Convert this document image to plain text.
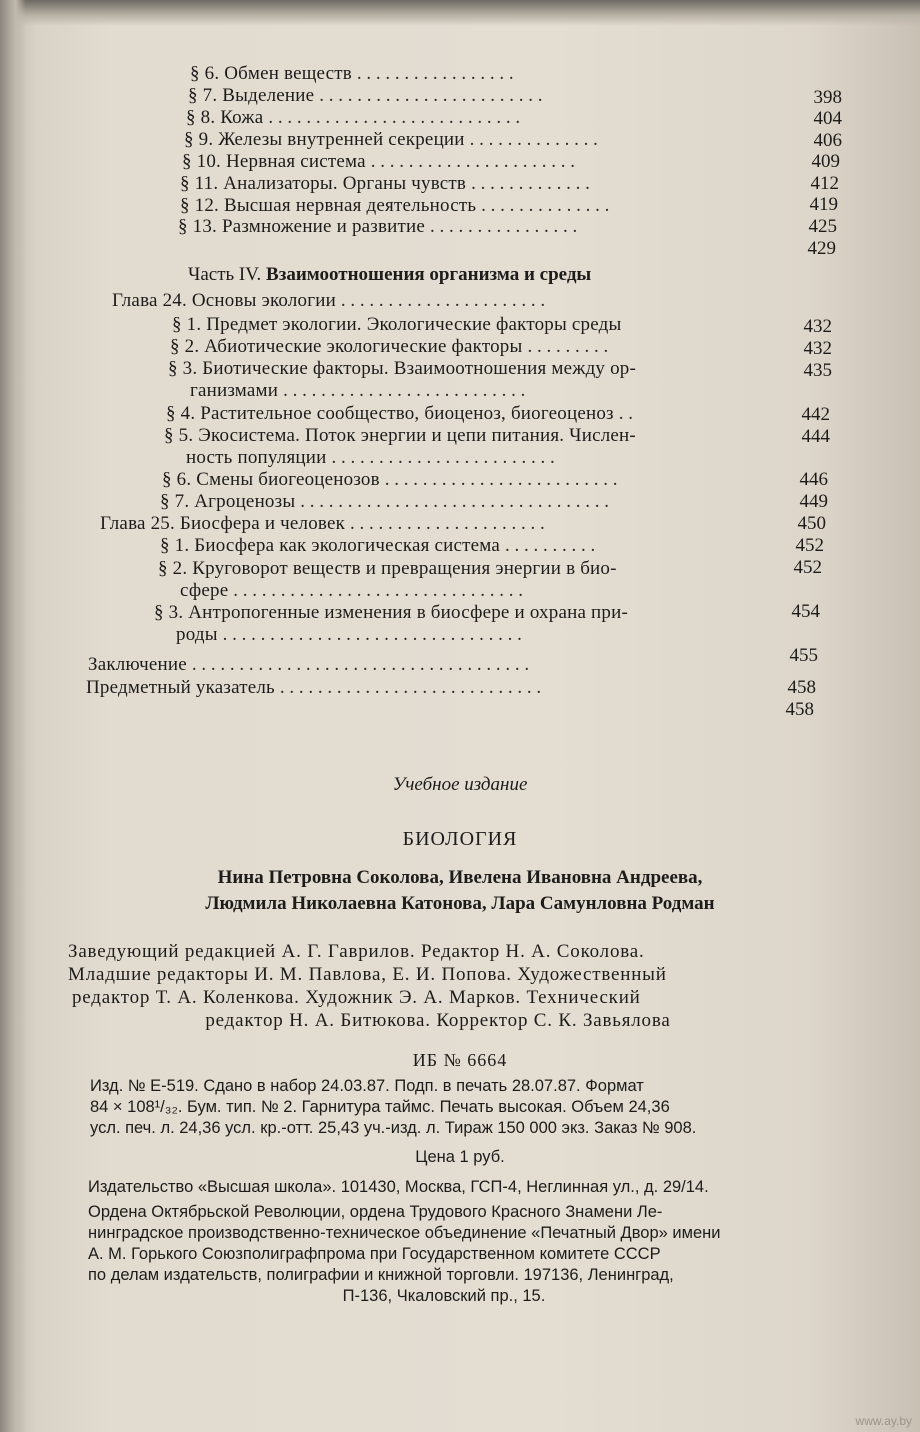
§ 6. Обмен веществ . . . . . . . . . . . . . . . . .
§ 7. Выделение . . . . . . . . . . . . . . . . . . . . . . . .
§ 8. Кожа . . . . . . . . . . . . . . . . . . . . . . . . . . .
§ 9. Железы внутренней секреции . . . . . . . . . . . . . .
§ 10. Нервная система . . . . . . . . . . . . . . . . . . . . . .
§ 11. Анализаторы. Органы чувств . . . . . . . . . . . . .
§ 12. Высшая нервная деятельность . . . . . . . . . . . . . .
§ 13. Размножение и развитие . . . . . . . . . . . . . . . .
398
404
406
409
412
419
425
429
Часть IV. Взаимоотношения организма и среды
Глава 24. Основы экологии . . . . . . . . . . . . . . . . . . . . . .
§ 1. Предмет экологии. Экологические факторы среды
§ 2. Абиотические экологические факторы . . . . . . . . .
§ 3. Биотические факторы. Взаимоотношения между ор-
ганизмами . . . . . . . . . . . . . . . . . . . . . . . . . .
§ 4. Растительное сообщество, биоценоз, биогеоценоз . .
§ 5. Экосистема. Поток энергии и цепи питания. Числен-
ность популяции . . . . . . . . . . . . . . . . . . . . . . . .
§ 6. Смены биогеоценозов . . . . . . . . . . . . . . . . . . . . . . . . .
§ 7. Агроценозы . . . . . . . . . . . . . . . . . . . . . . . . . . . . . . . . .
432
432
435
442
444
446
449
Глава 25. Биосфера и человек . . . . . . . . . . . . . . . . . . . . .
§ 1. Биосфера как экологическая система . . . . . . . . . .
§ 2. Круговорот веществ и превращения энергии в био-
сфере . . . . . . . . . . . . . . . . . . . . . . . . . . . . . . .
§ 3. Антропогенные изменения в биосфере и охрана при-
роды . . . . . . . . . . . . . . . . . . . . . . . . . . . . . . . .
450
452
452
454
455
Заключение . . . . . . . . . . . . . . . . . . . . . . . . . . . . . . . . . . . .
Предметный указатель . . . . . . . . . . . . . . . . . . . . . . . . . . . .	458
458
Учебное издание
БИОЛОГИЯ
Нина Петровна Соколова, Ивелена Ивановна Андреева,
Людмила Николаевна Катонова, Лара Самунловна Родман

Заведующий редакцией А. Г. Гаврилов. Редактор Н. А. Соколова.

Младшие редакторы И. М. Павлова, Е. И. Попова. Художественный

редактор Т. А. Коленкова. Художник Э. А. Марков. Технический

редактор Н. А. Битюкова. Корректор С. К. Завьялова

ИБ № 6664

Изд. № Е-519. Сдано в набор 24.03.87. Подп. в печать 28.07.87. Формат

84 × 108¹/₃₂. Бум. тип. № 2. Гарнитура таймс. Печать высокая. Объем 24,36

усл. печ. л. 24,36 усл. кр.-отт. 25,43 уч.-изд. л. Тираж 150 000 экз. Заказ № 908.

Цена 1 руб.
Издательство «Высшая школа». 101430, Москва, ГСП-4, Неглинная ул., д. 29/14.

Ордена Октябрьской Революции, ордена Трудового Красного Знамени Ле-

нинградское производственно-техническое объединение «Печатный Двор» имени

А. М. Горького Союзполиграфпрома при Государственном комитете СССР

по делам издательств, полиграфии и книжной торговли. 197136, Ленинград,

П-136, Чкаловский пр., 15.

www.ay.by
